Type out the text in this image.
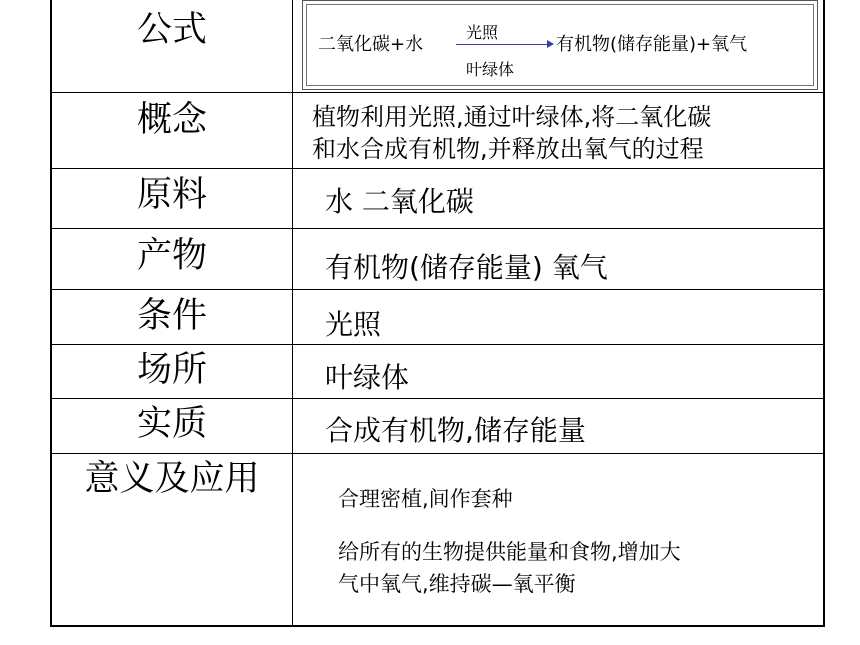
公式
概念
原料
产物
条件
场所
实质
意义及应用
二氧化碳+水
光照
叶绿体
有机物(储存能量)+氧气
植物利用光照,通过叶绿体,将二氧化碳
和水合成有机物,并释放出氧气的过程
水 二氧化碳
有机物(储存能量) 氧气
光照
叶绿体
合成有机物,储存能量
合理密植,间作套种
给所有的生物提供能量和食物,增加大
气中氧气,维持碳—氧平衡
